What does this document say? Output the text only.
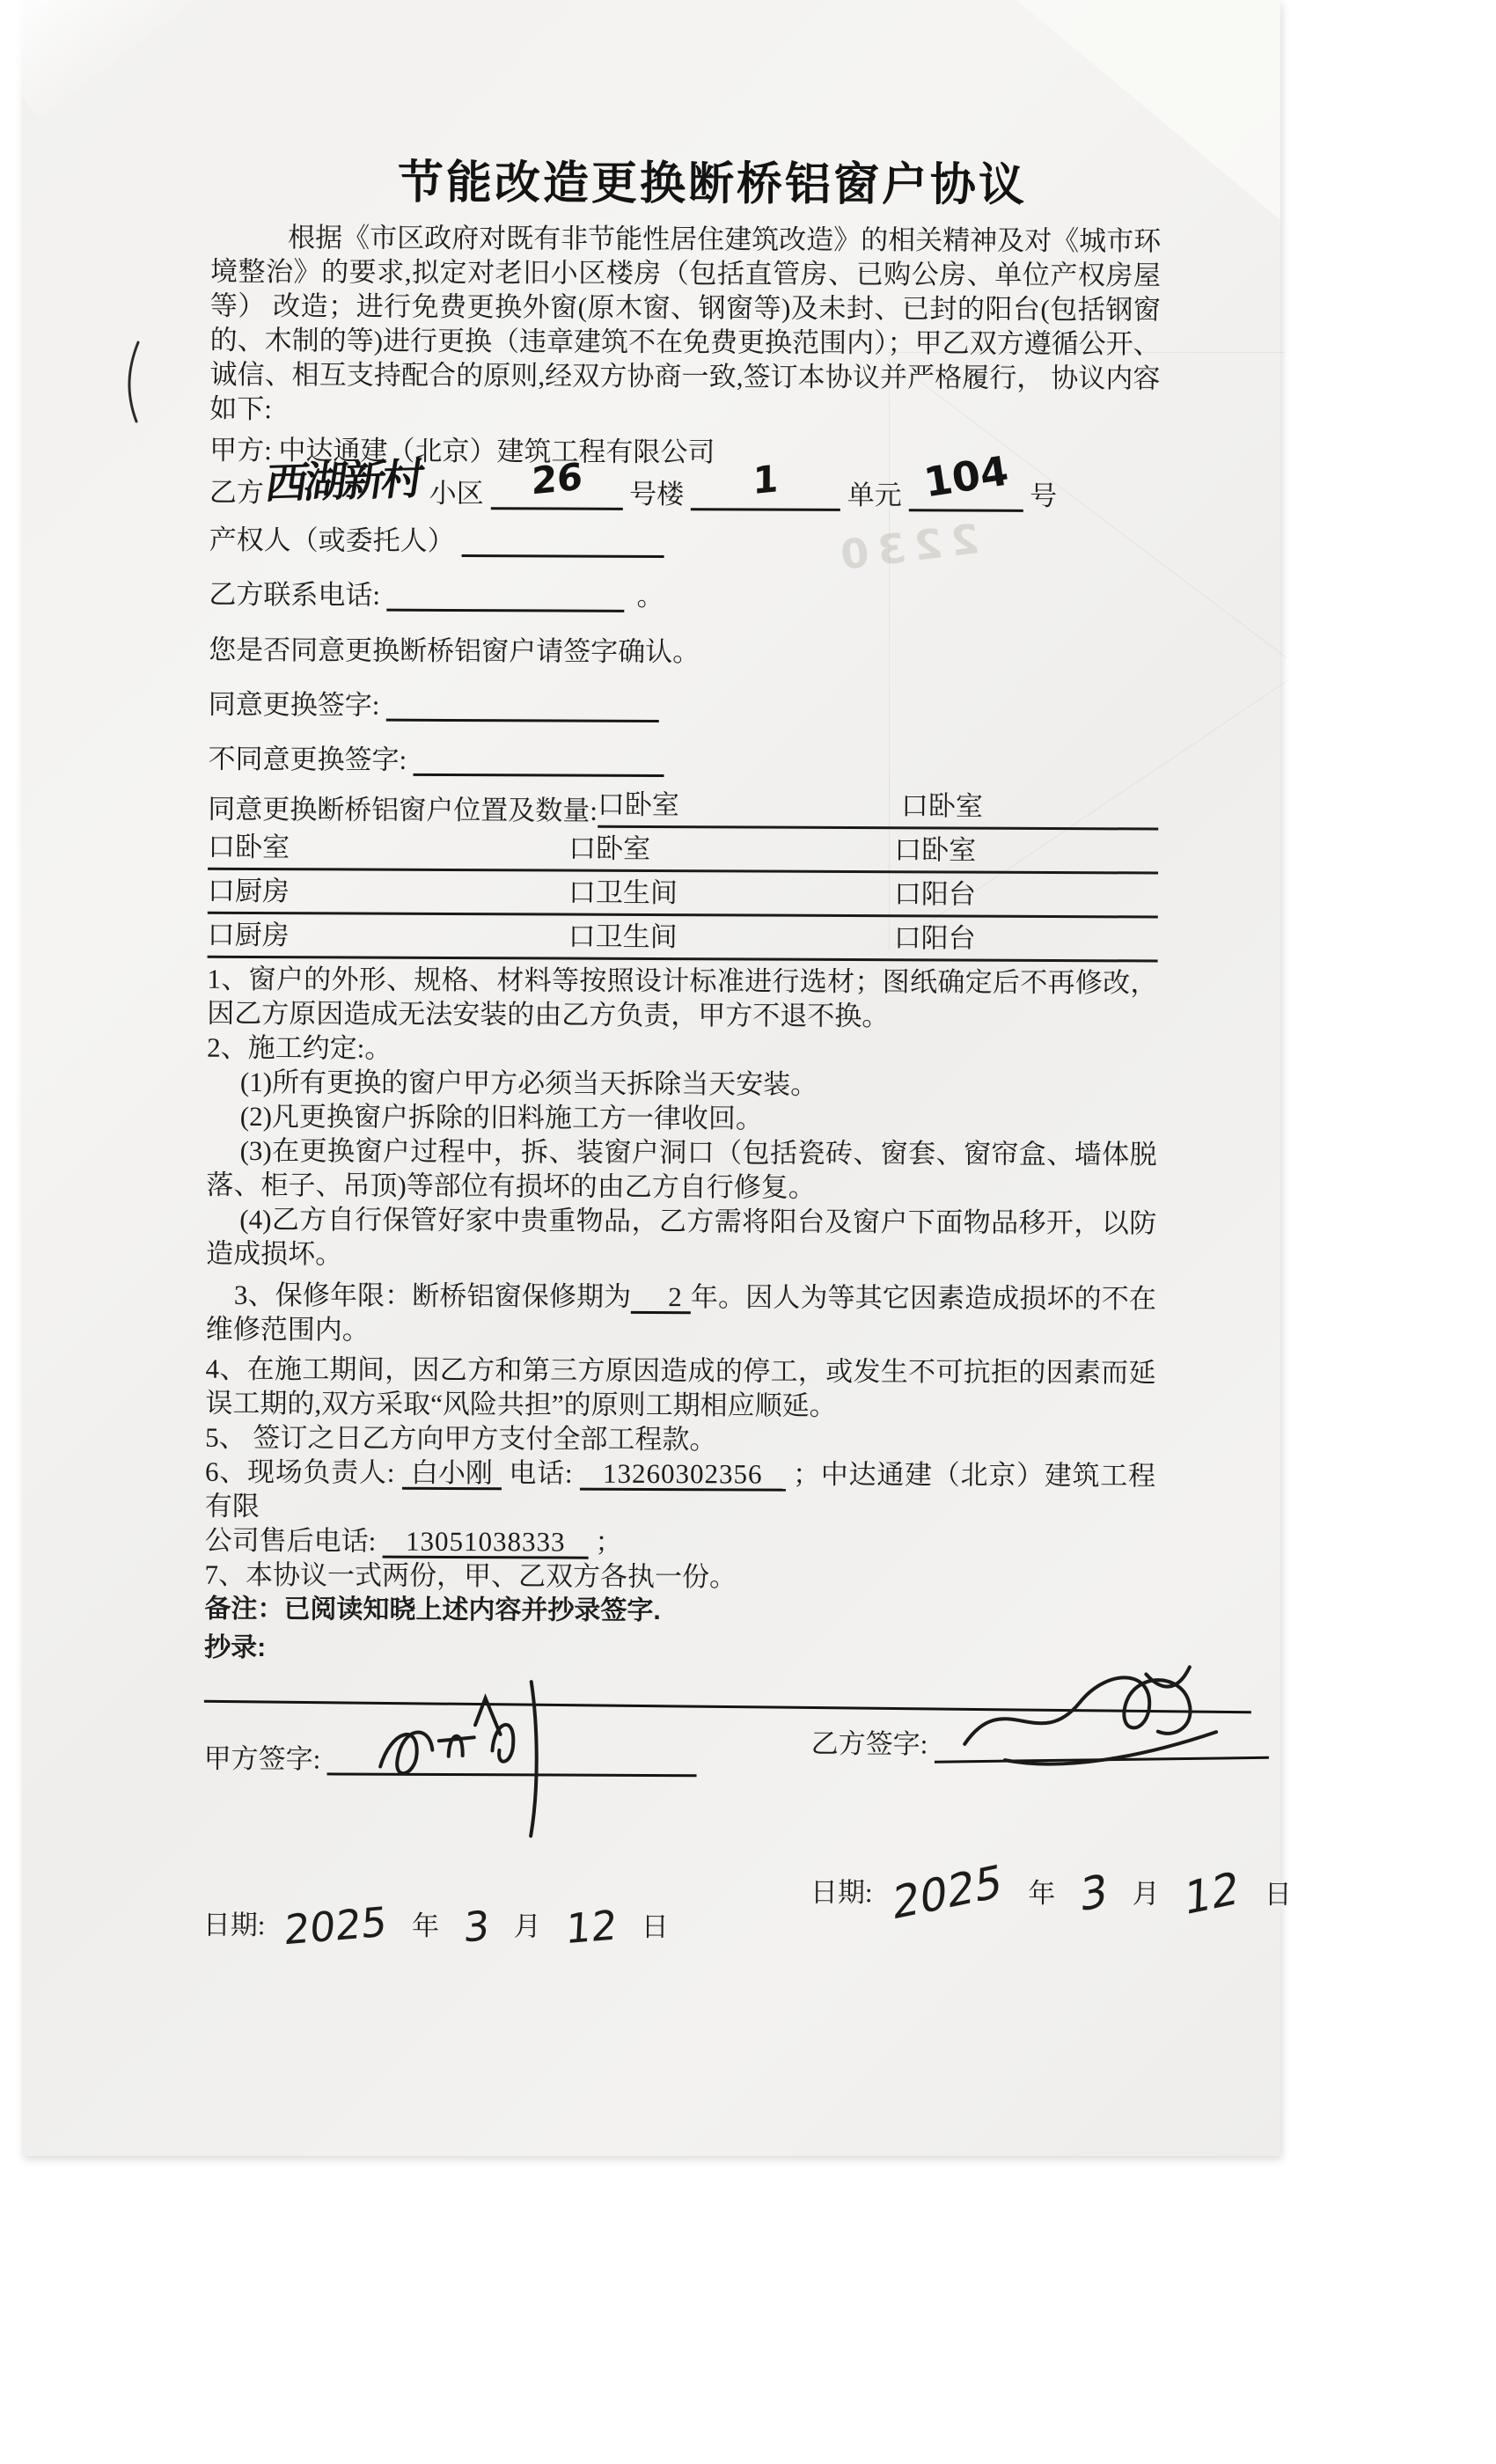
2230
节能改造更换断桥铝窗户协议

根据《市区政府对既有非节能性居住建筑改造》的相关精神及对《城市环境整治》的要求,拟定对老旧小区楼房（包括直管房、已购公房、单位产权房屋等） 改造；进行免费更换外窗(原木窗、钢窗等)及未封、已封的阳台(包括钢窗的、木制的等)进行更换（违章建筑不在免费更换范围内）；甲乙双方遵循公开、诚信、相互支持配合的原则,经双方协商一致,签订本协议并严格履行， 协议内容如下:

甲方: 中达通建（北京）建筑工程有限公司

乙方
西湖新村 小区 26 号楼 1	单元 104 号

产权人（或委托人）

乙方联系电话:	。

您是否同意更换断桥铝窗户请签字确认。

同意更换签字:

不同意更换签字:

同意更换断桥铝窗户位置及数量: 口卧室	口卧室
口卧室	口卧室	口卧室
口厨房	口卫生间	口阳台
口厨房	口卫生间	口阳台

1、窗户的外形、规格、材料等按照设计标准进行选材；图纸确定后不再修改，因乙方原因造成无法安装的由乙方负责，甲方不退不换。

2、施工约定:。

(1)所有更换的窗户甲方必须当天拆除当天安装。

(2)凡更换窗户拆除的旧料施工方一律收回。

(3)在更换窗户过程中，拆、装窗户洞口（包括瓷砖、窗套、窗帘盒、墙体脱落、柜子、吊顶)等部位有损坏的由乙方自行修复。

(4)乙方自行保管好家中贵重物品，乙方需将阳台及窗户下面物品移开，以防造成损坏。

3、保修年限：断桥铝窗保修期为 2 年。因人为等其它因素造成损坏的不在维修范围内。

4、在施工期间，因乙方和第三方原因造成的停工，或发生不可抗拒的因素而延误工期的,双方采取“风险共担”的原则工期相应顺延。

5、 签订之日乙方向甲方支付全部工程款。

6、现场负责人: 白小刚 电话: 13260302356 ；中达通建（北京）建筑工程有限

公司售后电话: 13051038333 ；

7、本协议一式两份，甲、乙双方各执一份。

备注：已阅读知晓上述内容并抄录签字.

抄录:

甲方签字:	乙方签字:

日期: 2025 年 3 月 12 日

日期: 2025 年 3 月 12 日
